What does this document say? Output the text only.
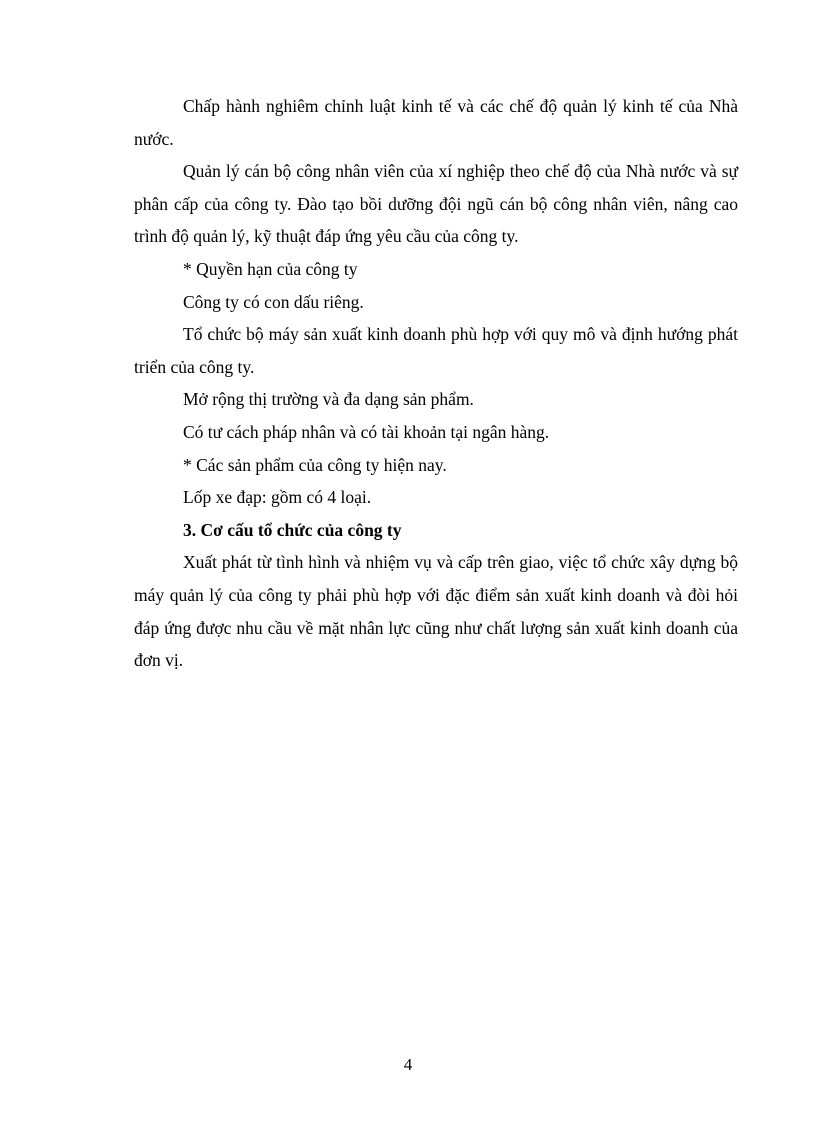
Chấp hành nghiêm chỉnh luật kinh tế và các chế độ quản lý kinh tế của Nhà nước.

Quản lý cán bộ công nhân viên của xí nghiệp theo chế độ của Nhà nước và sự phân cấp của công ty. Đào tạo bồi dưỡng đội ngũ cán bộ công nhân viên, nâng cao trình độ quản lý, kỹ thuật đáp ứng yêu cầu của công ty.

* Quyền hạn của công ty

Công ty có con dấu riêng.

Tổ chức bộ máy sản xuất kinh doanh phù hợp với quy mô và định hướng phát triển của công ty.

Mở rộng thị trường và đa dạng sản phẩm.

Có tư cách pháp nhân và có tài khoản tại ngân hàng.

* Các sản phẩm của công ty hiện nay.

Lốp xe đạp: gồm có 4 loại.

3. Cơ cấu tổ chức của công ty

Xuất phát từ tình hình và nhiệm vụ và cấp trên giao, việc tổ chức xây dựng bộ máy quản lý của công ty phải phù hợp với đặc điểm sản xuất kinh doanh và đòi hỏi đáp ứng được nhu cầu về mặt nhân lực cũng như chất lượng sản xuất kinh doanh của đơn vị.

4
